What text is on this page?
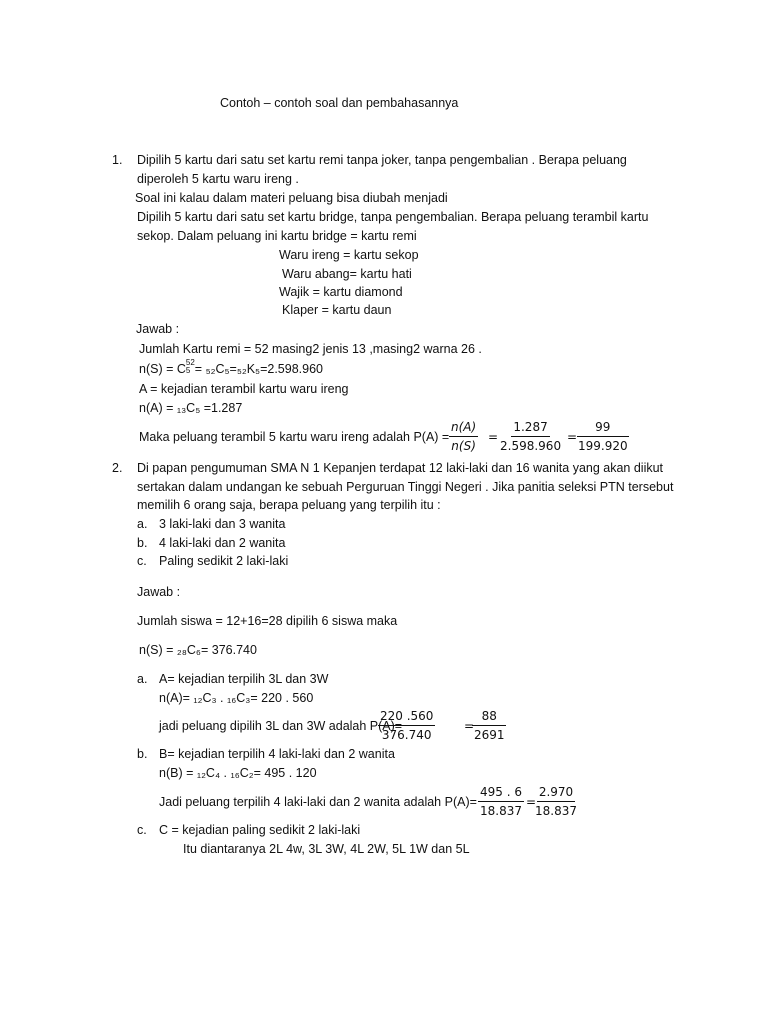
Contoh – contoh soal dan pembahasannya
1. Dipilih 5 kartu dari satu set kartu remi tanpa joker, tanpa pengembalian . Berapa peluang
diperoleh 5 kartu waru ireng .
Soal ini kalau dalam materi peluang bisa diubah menjadi
Dipilih 5 kartu dari satu set kartu bridge, tanpa pengembalian. Berapa peluang terambil kartu
sekop. Dalam peluang ini kartu bridge = kartu remi
Waru ireng = kartu sekop
Waru abang= kartu hati
Wajik = kartu diamond
Klaper = kartu daun
Jawab :
Jumlah Kartu remi = 52 masing2 jenis 13 ,masing2 warna 26 .
n(S) = C 52
5 = ₅₂C₅=₅₂K₅=2.598.960
A = kejadian terambil kartu waru ireng
n(A) = ₁₃C₅ =1.287
Maka peluang terambil 5 kartu waru ireng adalah $P(A) = \frac{n(A)}{n(S)} = \frac{1.287}{2.598.960}$ =
$\frac{99}{199.920}$
2. Di papan pengumuman SMA N 1 Kepanjen terdapat 12 laki-laki dan 16 wanita yang akan diikut
sertakan dalam undangan ke sebuah Perguruan Tinggi Negeri . Jika panitia seleksi PTN tersebut
memilih 6 orang saja, berapa peluang yang terpilih itu :
a. 3 laki-laki dan 3 wanita
b. 4 laki-laki dan 2 wanita
c. Paling sedikit 2 laki-laki
Jawab :
Jumlah siswa = 12+16=28 dipilih 6 siswa maka
n(S) = ₂₈C₆= 376.740
a. A= kejadian terpilih 3L dan 3W
n(A)= ₁₂C₃ . ₁₆C₃= 220 . 560
jadi peluang dipilih 3L dan 3W adalah P(A)=
$\frac{220 .560}{376.740}$ =
$\frac{88}{2691}$
b. B= kejadian terpilih 4 laki-laki dan 2 wanita
n(B) = ₁₂C₄ . ₁₆C₂= 495 . 120
Jadi peluang terpilih 4 laki-laki dan 2 wanita adalah $P(A)= \frac{495 . 6}{18.837}$ =
$\frac{2.970}{18.837}$
c. C = kejadian paling sedikit 2 laki-laki
Itu diantaranya 2L 4w, 3L 3W, 4L 2W, 5L 1W dan 5L
